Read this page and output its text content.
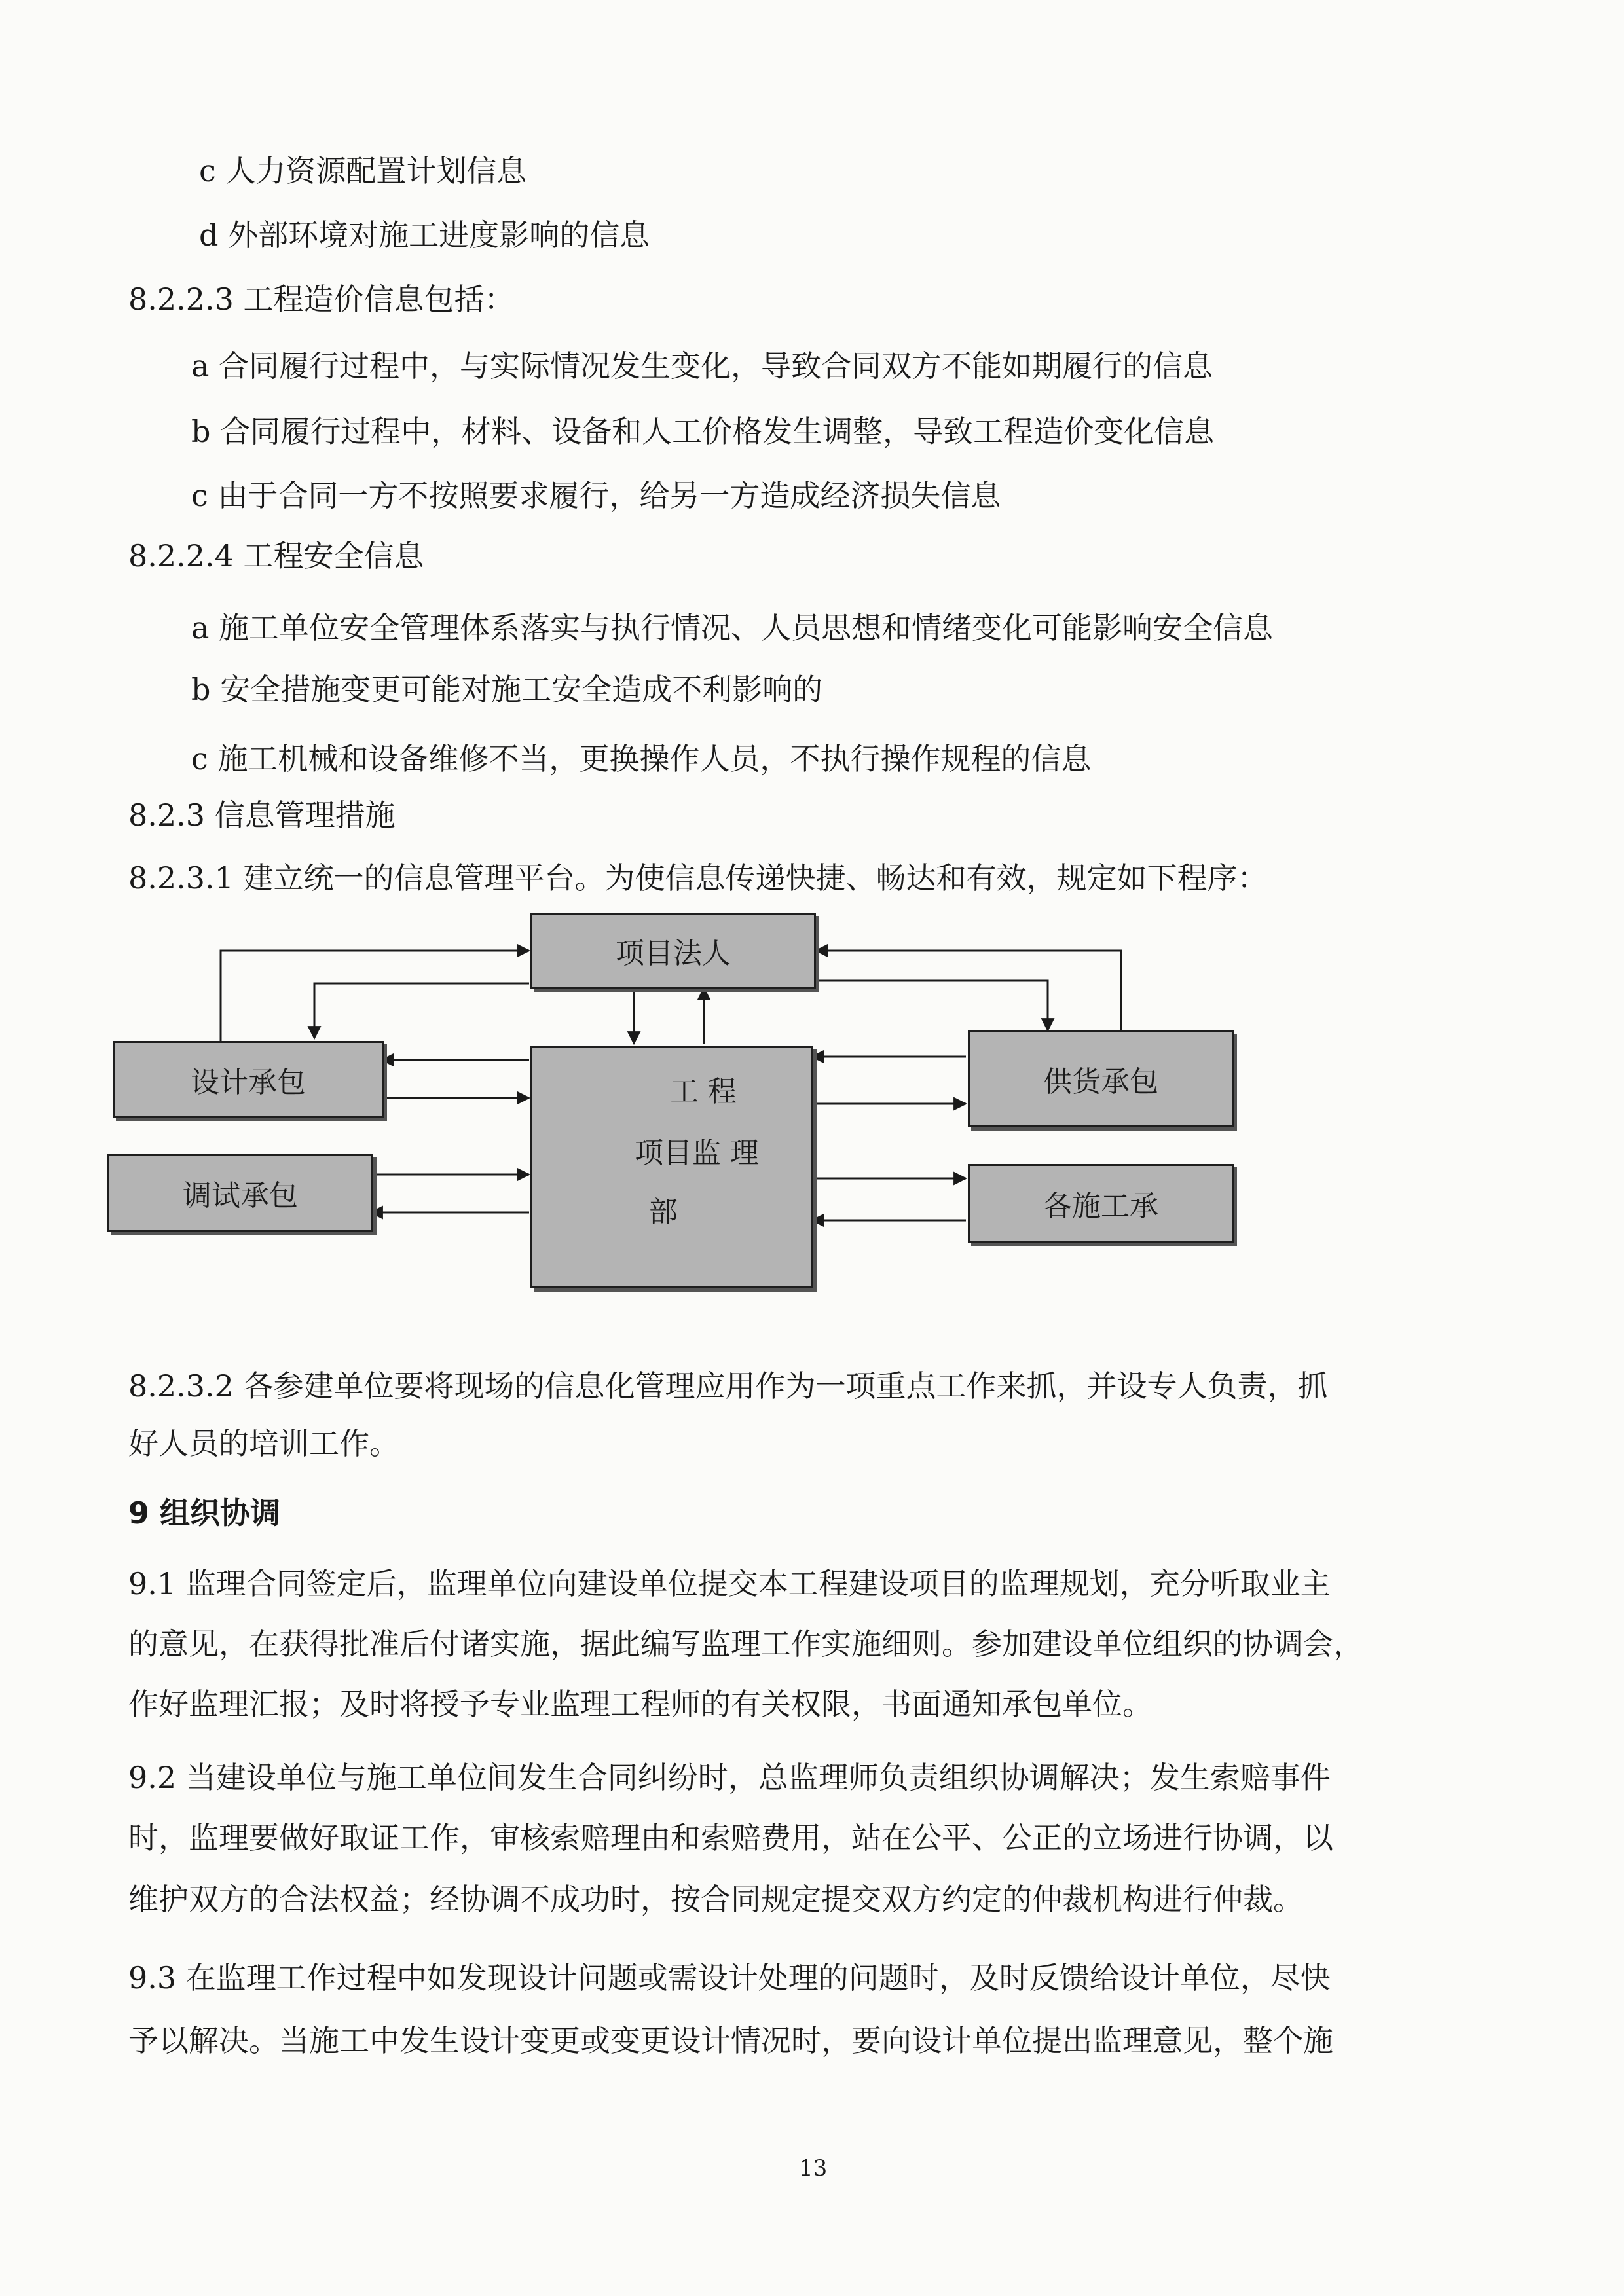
c 人力资源配置计划信息
d 外部环境对施工进度影响的信息
8.2.2.3 工程造价信息包括：
a 合同履行过程中，与实际情况发生变化，导致合同双方不能如期履行的信息
b 合同履行过程中，材料、设备和人工价格发生调整，导致工程造价变化信息
c 由于合同一方不按照要求履行，给另一方造成经济损失信息
8.2.2.4 工程安全信息
a 施工单位安全管理体系落实与执行情况、人员思想和情绪变化可能影响安全信息
b 安全措施变更可能对施工安全造成不利影响的
c 施工机械和设备维修不当，更换操作人员，不执行操作规程的信息
8.2.3 信息管理措施
8.2.3.1 建立统一的信息管理平台。为使信息传递快捷、畅达和有效，规定如下程序：
项目法人
设计承包
调试承包
工 程
项目监 理
部
供货承包
各施工承
8.2.3.2 各参建单位要将现场的信息化管理应用作为一项重点工作来抓，并设专人负责，抓
好人员的培训工作。
9 组织协调
9.1 监理合同签定后，监理单位向建设单位提交本工程建设项目的监理规划，充分听取业主
的意见，在获得批准后付诸实施，据此编写监理工作实施细则。参加建设单位组织的协调会，
作好监理汇报；及时将授予专业监理工程师的有关权限，书面通知承包单位。
9.2 当建设单位与施工单位间发生合同纠纷时，总监理师负责组织协调解决；发生索赔事件
时，监理要做好取证工作，审核索赔理由和索赔费用，站在公平、公正的立场进行协调，以
维护双方的合法权益；经协调不成功时，按合同规定提交双方约定的仲裁机构进行仲裁。
9.3 在监理工作过程中如发现设计问题或需设计处理的问题时，及时反馈给设计单位，尽快
予以解决。当施工中发生设计变更或变更设计情况时，要向设计单位提出监理意见，整个施
13
